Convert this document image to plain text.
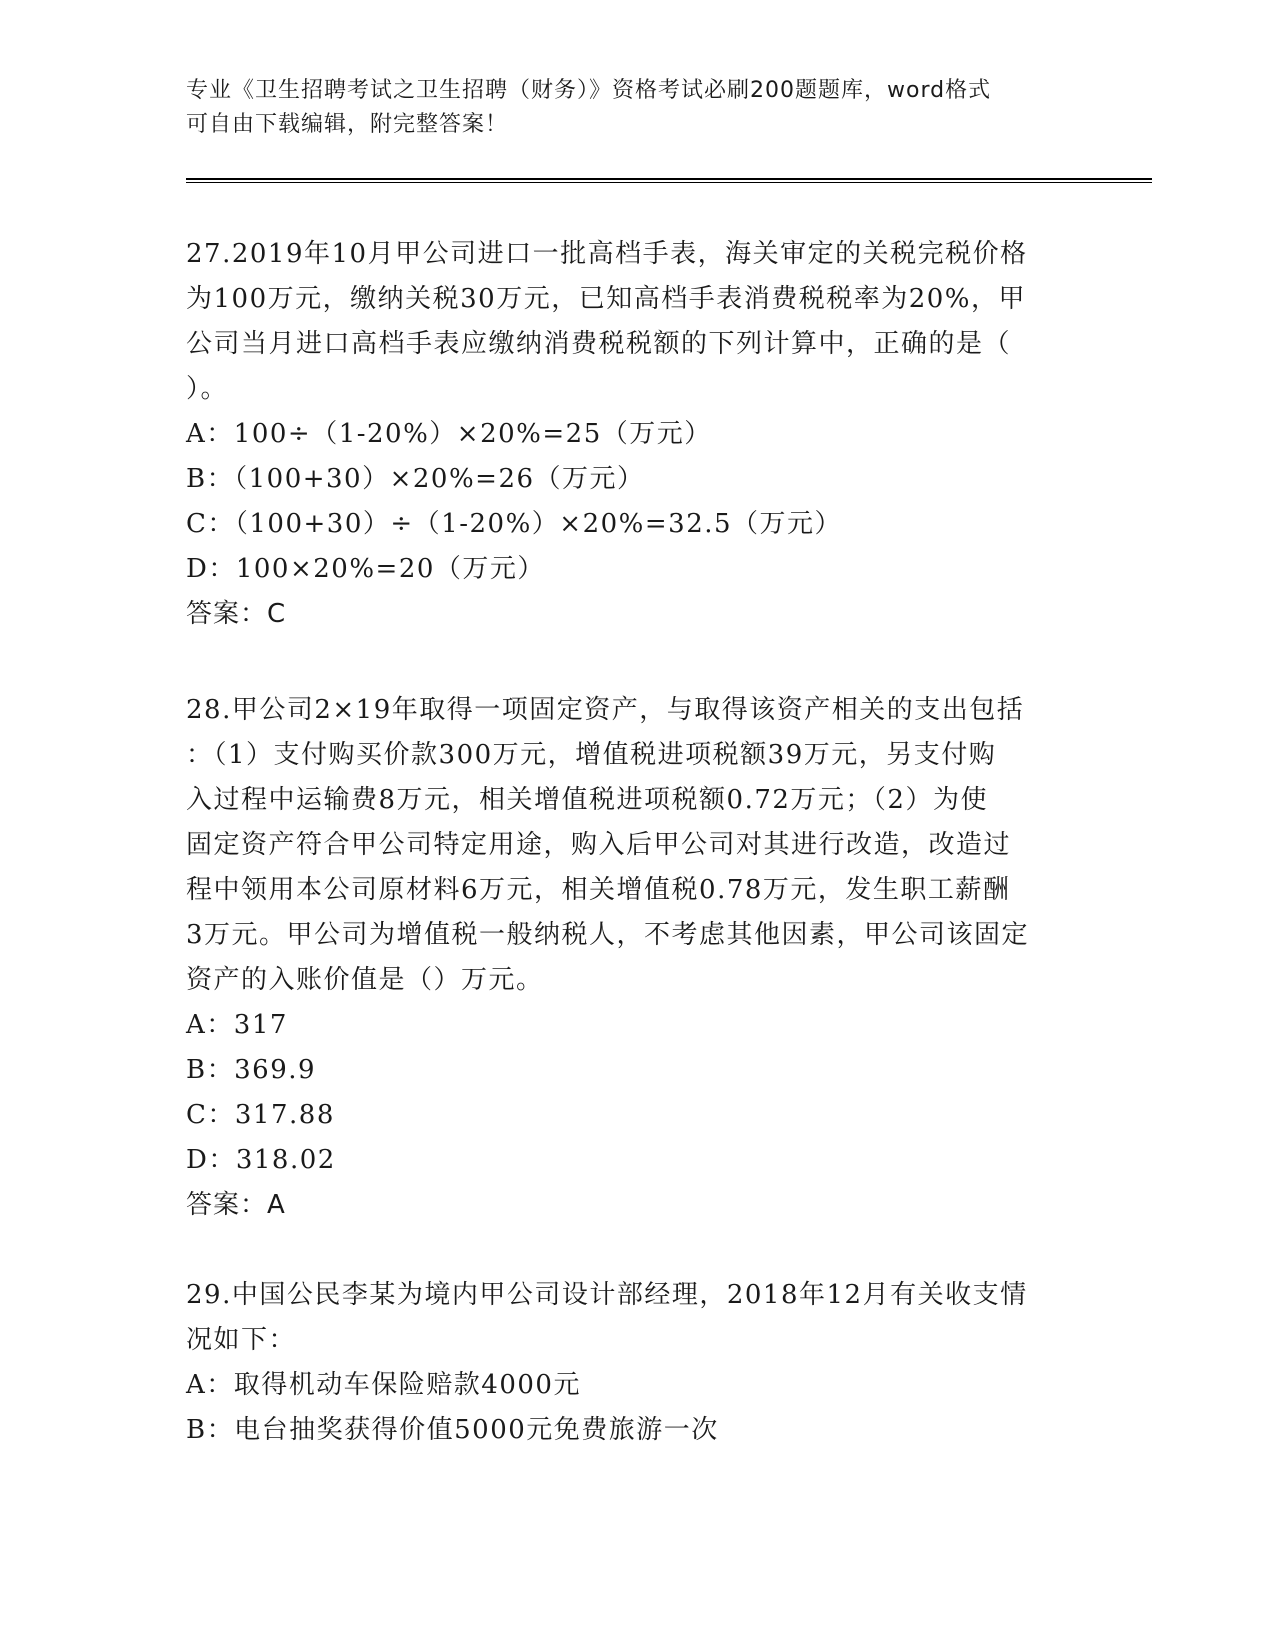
专业《卫生招聘考试之卫生招聘（财务）》资格考试必刷200题题库，word格式
可自由下载编辑，附完整答案！

27.2019年10月甲公司进口一批高档手表，海关审定的关税完税价格

为100万元，缴纳关税30万元，已知高档手表消费税税率为20%，甲

公司当月进口高档手表应缴纳消费税税额的下列计算中，正确的是（

）。

A：100÷（1-20%）×20%=25（万元）

B：（100+30）×20%=26（万元）

C：（100+30）÷（1-20%）×20%=32.5（万元）

D：100×20%=20（万元）

答案：C

28.甲公司2×19年取得一项固定资产，与取得该资产相关的支出包括

：（1）支付购买价款300万元，增值税进项税额39万元，另支付购

入过程中运输费8万元，相关增值税进项税额0.72万元；（2）为使

固定资产符合甲公司特定用途，购入后甲公司对其进行改造，改造过

程中领用本公司原材料6万元，相关增值税0.78万元，发生职工薪酬

3万元。甲公司为增值税一般纳税人，不考虑其他因素，甲公司该固定

资产的入账价值是（）万元。

A：317

B：369.9

C：317.88

D：318.02

答案：A

29.中国公民李某为境内甲公司设计部经理，2018年12月有关收支情

况如下：

A：取得机动车保险赔款4000元

B：电台抽奖获得价值5000元免费旅游一次
